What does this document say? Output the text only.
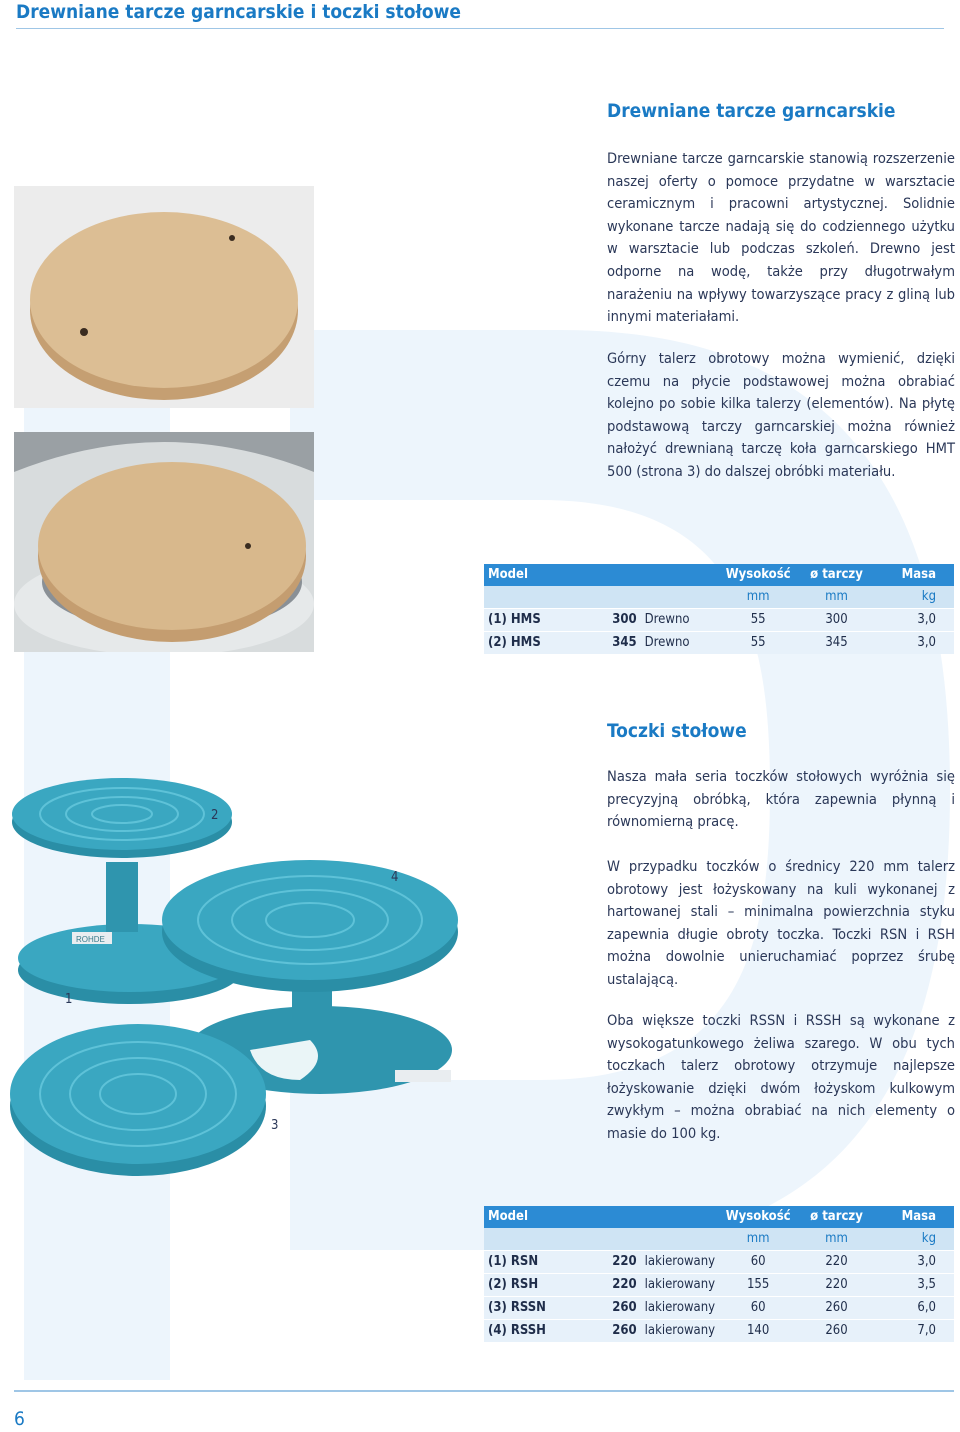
Drewniane tarcze garncarskie i toczki stołowe
Drewniane tarcze garncarskie

Drewniane tarcze garncarskie stanowią rozszerzenie naszej oferty o pomoce przydatne w warsztacie ceramicznym i pracowni artystycznej. Solidnie wykonane tarcze nadają się do codziennego użytku w warsztacie lub podczas szkoleń. Drewno jest odporne na wodę, także przy długotrwałym narażeniu na wpływy towarzyszące pracy z gliną lub innymi materiałami.

Górny talerz obrotowy można wymienić, dzięki czemu na płycie podstawowej można obrabiać kolejno po sobie kilka talerzy (elementów). Na płytę podstawową tarczy garncarskiej można również nałożyć drewnianą tarczę koła garncarskiego HMT 500 (strona 3) do dalszej obróbki materiału.

Model			Wysokość	ø tarczy	Masa
			mm	mm	kg
(1) HMS	300	Drewno	55	300	3,0
(2) HMS	345	Drewno	55	345	3,0
ROHDE
1
2
3
4
Toczki stołowe

Nasza mała seria toczków stołowych wyróżnia się precyzyjną obróbką, która zapewnia płynną i równomierną pracę.

W przypadku toczków o średnicy 220 mm talerz obrotowy jest łożyskowany na kuli wykonanej z hartowanej stali – minimalna powierzchnia styku zapewnia długie obroty toczka. Toczki RSN i RSH można dowolnie unieruchamiać poprzez śrubę ustalającą.

Oba większe toczki RSSN i RSSH są wykonane z wysokogatunkowego żeliwa szarego. W obu tych toczkach talerz obrotowy otrzymuje najlepsze łożyskowanie dzięki dwóm łożyskom kulkowym zwykłym – można obrabiać na nich elementy o masie do 100 kg.

Model			Wysokość	ø tarczy	Masa
			mm	mm	kg
(1) RSN	220	lakierowany	60	220	3,0
(2) RSH	220	lakierowany	155	220	3,5
(3) RSSN	260	lakierowany	60	260	6,0
(4) RSSH	260	lakierowany	140	260	7,0
6
